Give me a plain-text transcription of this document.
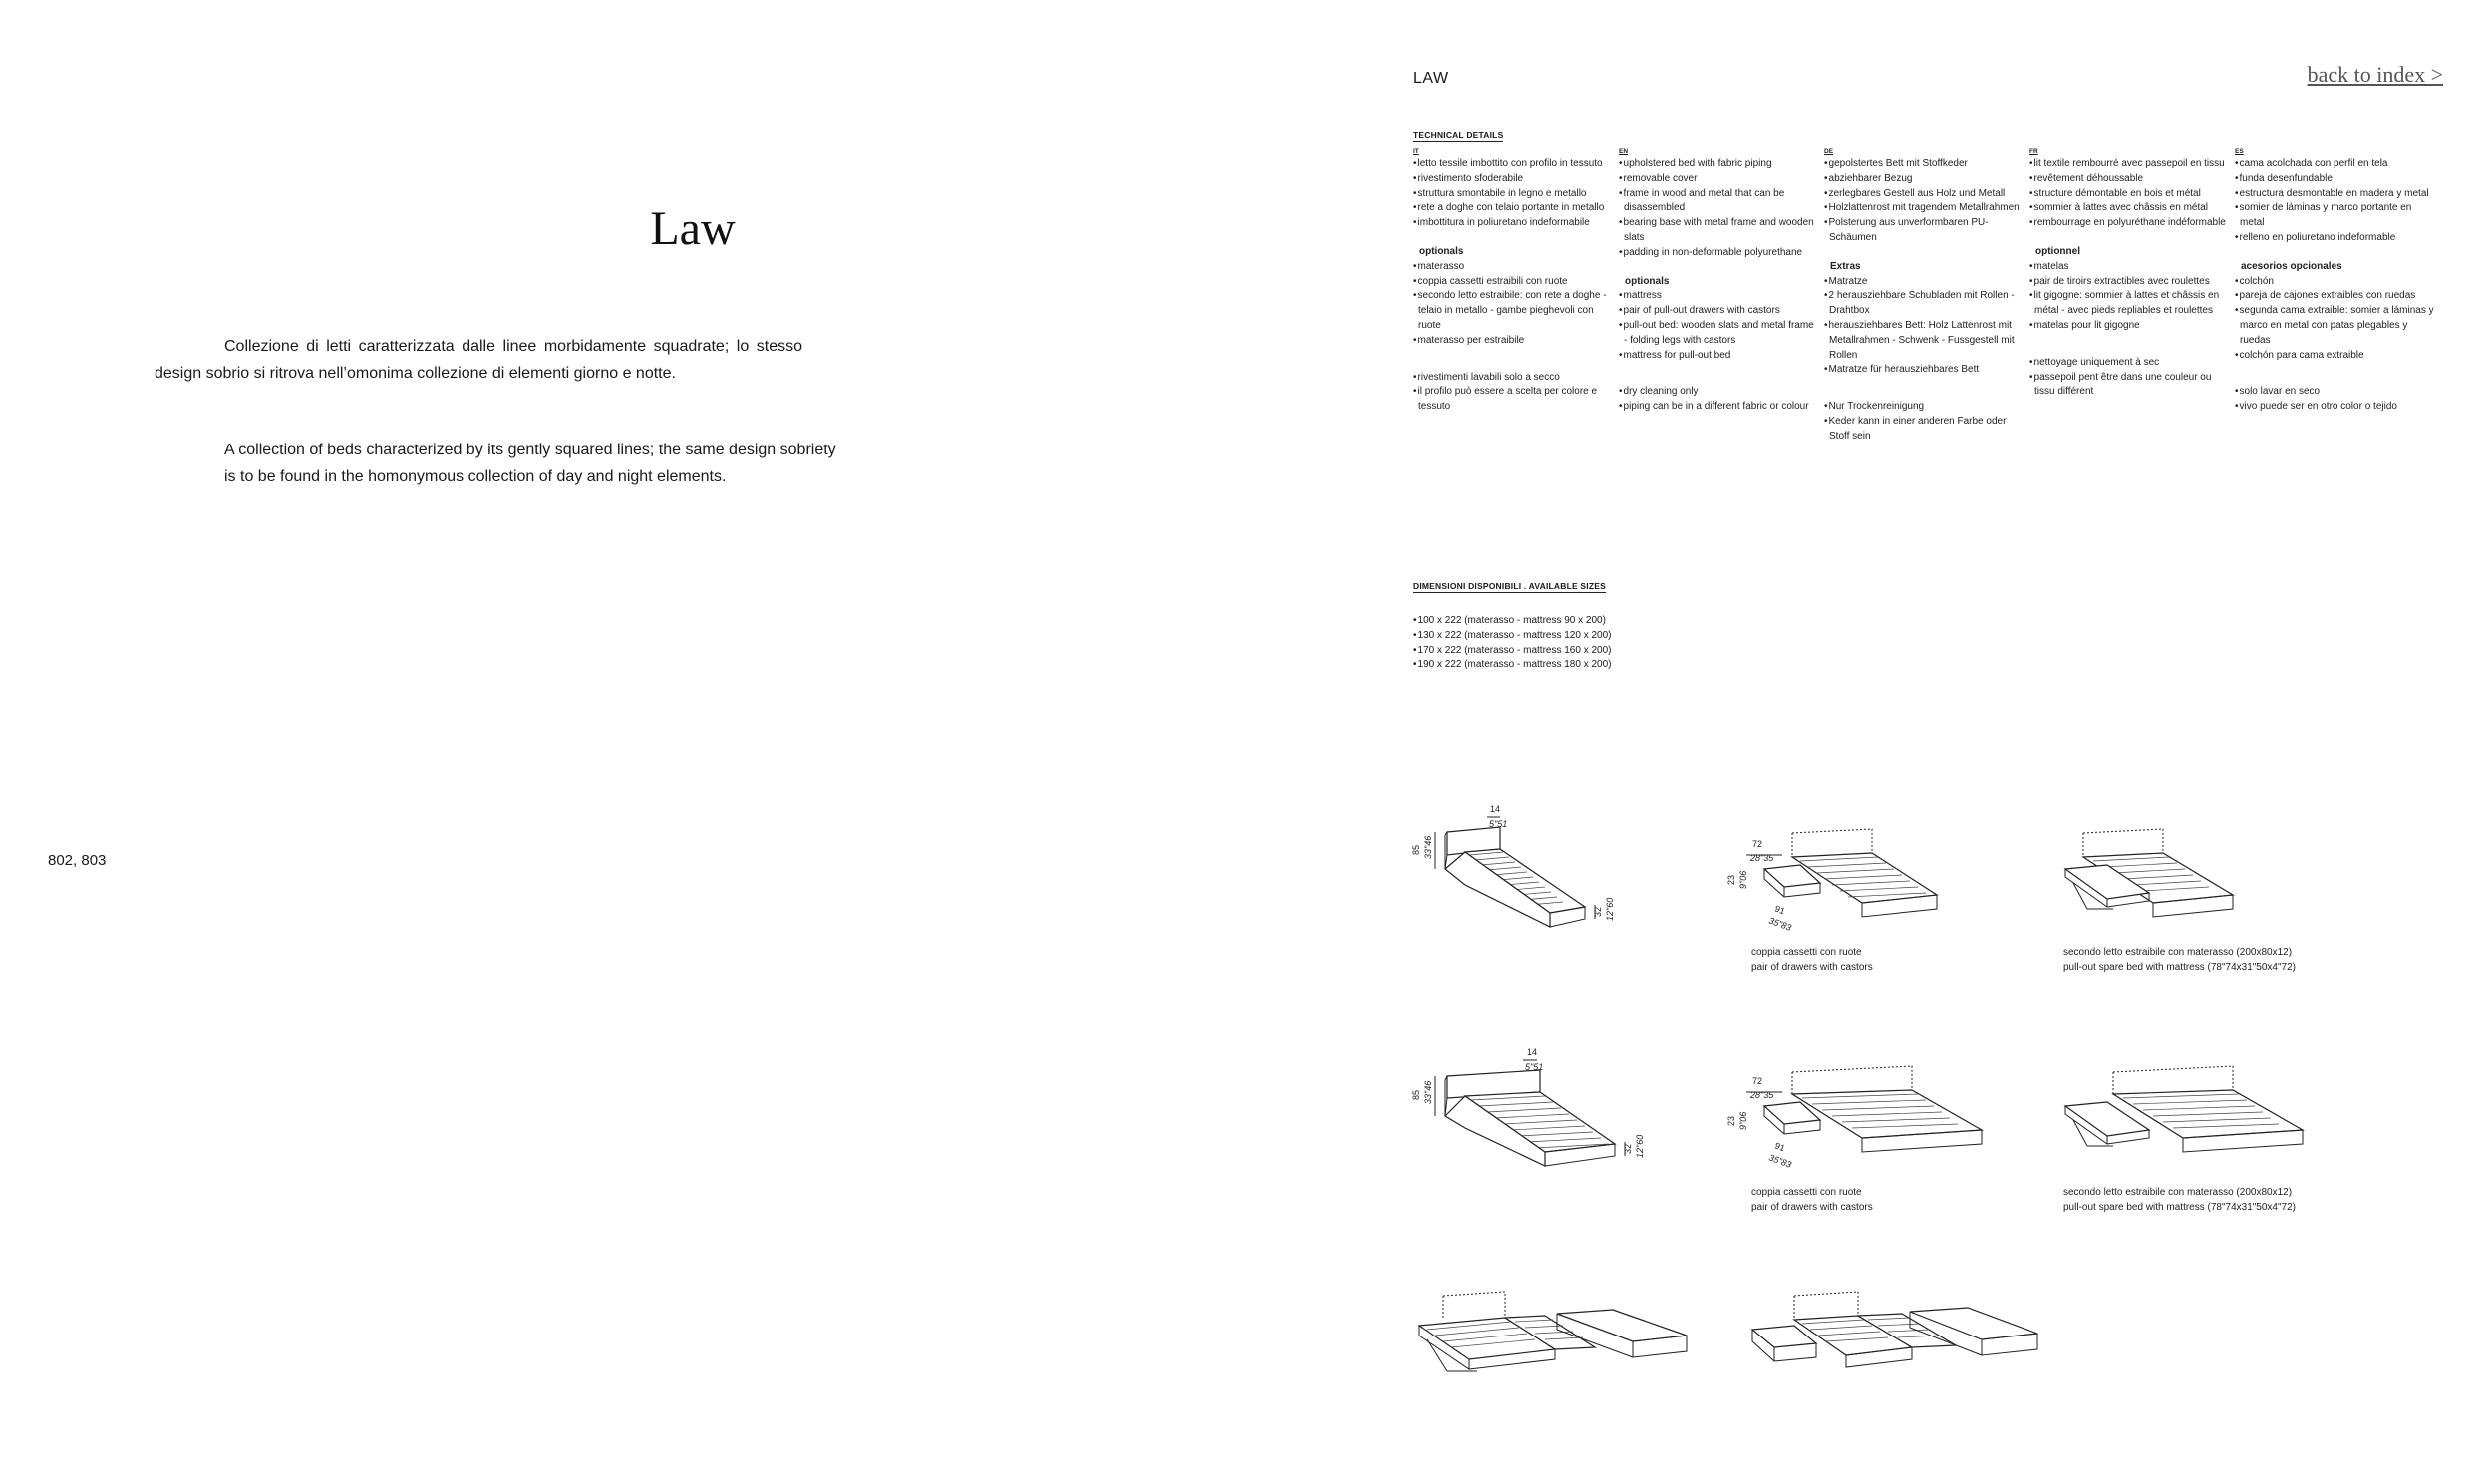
Law
Collezione di letti caratterizzata dalle linee morbidamente squadrate; lo stesso design sobrio si ritrova nell’omonima collezione di elementi giorno e notte.
A collection of beds characterized by its gently squared lines; the same design sobriety is to be found in the homonymous collection of day and night elements.
802, 803
LAW	back to index >
TECHNICAL DETAILS
IT
• letto tessile imbottito con profilo in tessuto
• rivestimento sfoderabile
• struttura smontabile in legno e metallo
• rete a doghe con telaio portante in metallo
• imbottitura in poliuretano indeformabile
optionals
• materasso
• coppia cassetti estraibili con ruote
• secondo letto estraibile: con rete a doghe - telaio in metallo - gambe pieghevoli con ruote
• materasso per estraibile
• rivestimenti lavabili solo a secco
• il profilo può essere a scelta per colore e tessuto
EN
• upholstered bed with fabric piping
• removable cover
• frame in wood and metal that can be disassembled
• bearing base with metal frame and wooden slats
• padding in non-deformable polyurethane
optionals
• mattress
• pair of pull-out drawers with castors
• pull-out bed: wooden slats and metal frame - folding legs with castors
• mattress for pull-out bed
• dry cleaning only
• piping can be in a different fabric or colour
DE
• gepolstertes Bett mit Stoffkeder
• abziehbarer Bezug
• zerlegbares Gestell aus Holz und Metall
• Holzlattenrost mit tragendem Metallrahmen
• Polsterung aus unverformbaren PU-Schäumen
Extras
• Matratze
• 2 herausziehbare Schubladen mit Rollen - Drahtbox
• herausziehbares Bett: Holz Lattenrost mit Metallrahmen - Schwenk - Fussgestell mit Rollen
• Matratze für herausziehbares Bett
• Nur Trockenreinigung
• Keder kann in einer anderen Farbe oder Stoff sein
FR
• lit textile rembourré avec passepoil en tissu
• revêtement déhoussable
• structure démontable en bois et métal
• sommier à lattes avec châssis en métal
• rembourrage en polyuréthane indéformable
optionnel
• matelas
• pair de tiroirs extractibles avec roulettes
• lit gigogne: sommier à lattes et châssis en métal - avec pieds repliables et roulettes
• matelas pour lit gigogne
• nettoyage uniquement à sec
• passepoil pent être dans une couleur ou tissu différent
ES
• cama acolchada con perfil en tela
• funda desenfundable
• estructura desmontable en madera y metal
• somier de láminas y marco portante en metal
• relleno en poliuretano indeformable
acesorios opcionales
• colchón
• pareja de cajones extraibles con ruedas
• segunda cama extraible: somier a láminas y marco en metal con patas plegables y ruedas
• colchón para cama extraible
• solo lavar en seco
• vivo puede ser en otro color o tejido
DIMENSIONI DISPONIBILI . AVAILABLE SIZES
• 100 x 222 (materasso - mattress 90 x 200)
• 130 x 222 (materasso - mattress 120 x 200)
• 170 x 222 (materasso - mattress 160 x 200)
• 190 x 222 (materasso - mattress 180 x 200)
14
5"51
85 33"46
32 12"60
72
28"35
23 9"06
91
35"83
coppia cassetti con ruote
pair of drawers with castors
secondo letto estraibile con materasso (200x80x12)
pull-out spare bed with mattress (78"74x31"50x4"72)
14
5"51
85 33"46
32 12"60
72
28"35
23 9"06
91
35"83
coppia cassetti con ruote
pair of drawers with castors
secondo letto estraibile con materasso (200x80x12)
pull-out spare bed with mattress (78"74x31"50x4"72)
